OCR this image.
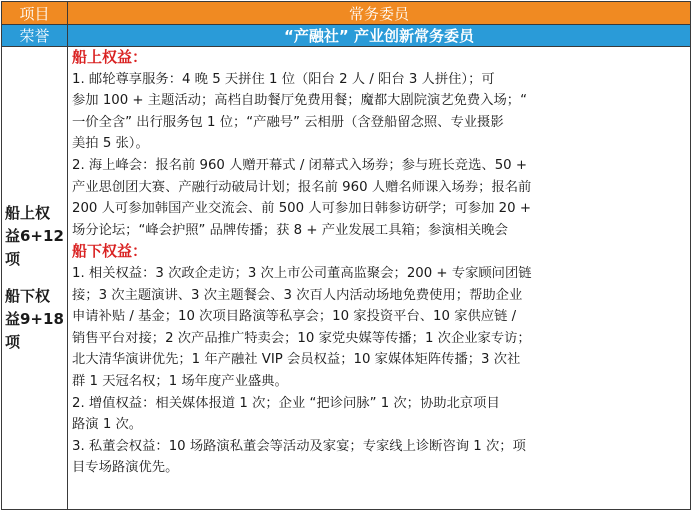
项目	常务委员
荣誉	“产融社” 产业创新常务委员
船上权
益6+12
项
船下权
益9+18
项
船上权益：

1. 邮轮尊享服务：4 晚 5 天拼住 1 位（阳台 2 人 / 阳台 3 人拼住）；可
参加 100 + 主题活动；高档自助餐厅免费用餐；魔都大剧院演艺免费入场；“
一价全含” 出行服务包 1 位；“产融号” 云相册（含登船留念照、专业摄影
美拍 5 张）。

2. 海上峰会：报名前 960 人赠开幕式 / 闭幕式入场券；参与班长竞选、50 +
产业思创团大赛、产融行动破局计划；报名前 960 人赠名师课入场券；报名前
200 人可参加韩国产业交流会、前 500 人可参加日韩参访研学；可参加 20 +
场分论坛；“峰会护照” 品牌传播；获 8 + 产业发展工具箱；参演相关晚会

船下权益：

1. 相关权益：3 次政企走访；3 次上市公司董高监聚会；200 + 专家顾问团链
接；3 次主题演讲、3 次主题餐会、3 次百人内活动场地免费使用；帮助企业
申请补贴 / 基金；10 次项目路演等私享会；10 家投资平台、10 家供应链 /
销售平台对接；2 次产品推广特卖会；10 家党央媒等传播；1 次企业家专访；
北大清华演讲优先；1 年产融社 VIP 会员权益；10 家媒体矩阵传播；3 次社
群 1 天冠名权；1 场年度产业盛典。

2. 增值权益：相关媒体报道 1 次；企业 “把诊问脉” 1 次；协助北京项目
路演 1 次。

3. 私董会权益：10 场路演私董会等活动及家宴；专家线上诊断咨询 1 次；项
目专场路演优先。
